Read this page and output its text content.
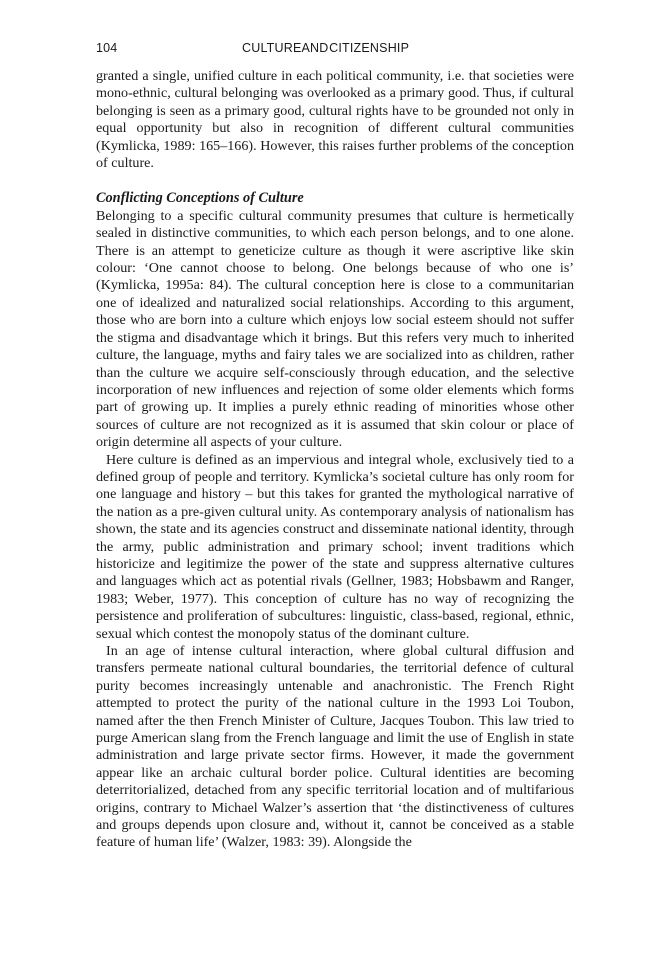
104	CULTURE AND CITIZENSHIP

granted a single, unified culture in each political community, i.e. that societies were mono-ethnic, cultural belonging was overlooked as a primary good. Thus, if cultural belonging is seen as a primary good, cultural rights have to be grounded not only in equal opportunity but also in recognition of different cultural communities (Kymlicka, 1989: 165–166). However, this raises further problems of the conception of culture.

Conflicting Conceptions of Culture

Belonging to a specific cultural community presumes that culture is hermetically sealed in distinctive communities, to which each person belongs, and to one alone. There is an attempt to geneticize culture as though it were ascriptive like skin colour: ‘One cannot choose to belong. One belongs because of who one is’ (Kymlicka, 1995a: 84). The cultural conception here is close to a communitarian one of idealized and naturalized social relationships. According to this argument, those who are born into a culture which enjoys low social esteem should not suffer the stigma and disadvantage which it brings. But this refers very much to inherited culture, the language, myths and fairy tales we are socialized into as children, rather than the culture we acquire self-consciously through education, and the selective incorporation of new influences and rejection of some older elements which forms part of growing up. It implies a purely ethnic reading of minorities whose other sources of culture are not recognized as it is assumed that skin colour or place of origin determine all aspects of your culture.

Here culture is defined as an impervious and integral whole, exclusively tied to a defined group of people and territory. Kymlicka’s societal culture has only room for one language and history – but this takes for granted the mythological narrative of the nation as a pre-given cultural unity. As contemporary analysis of nationalism has shown, the state and its agencies construct and disseminate national identity, through the army, public administration and primary school; invent traditions which historicize and legitimize the power of the state and suppress alternative cultures and languages which act as potential rivals (Gellner, 1983; Hobsbawm and Ranger, 1983; Weber, 1977). This conception of culture has no way of recognizing the persistence and proliferation of subcultures: linguistic, class-based, regional, ethnic, sexual which contest the monopoly status of the dominant culture.

In an age of intense cultural interaction, where global cultural diffusion and transfers permeate national cultural boundaries, the territorial defence of cultural purity becomes increasingly untenable and anachronistic. The French Right attempted to protect the purity of the national culture in the 1993 Loi Toubon, named after the then French Minister of Culture, Jacques Toubon. This law tried to purge American slang from the French language and limit the use of English in state administration and large private sector firms. However, it made the government appear like an archaic cultural border police. Cultural identities are becoming deterritorialized, detached from any specific territorial location and of multifarious origins, contrary to Michael Walzer’s assertion that ‘the distinctiveness of cultures and groups depends upon closure and, without it, cannot be conceived as a stable feature of human life’ (Walzer, 1983: 39). Alongside the
